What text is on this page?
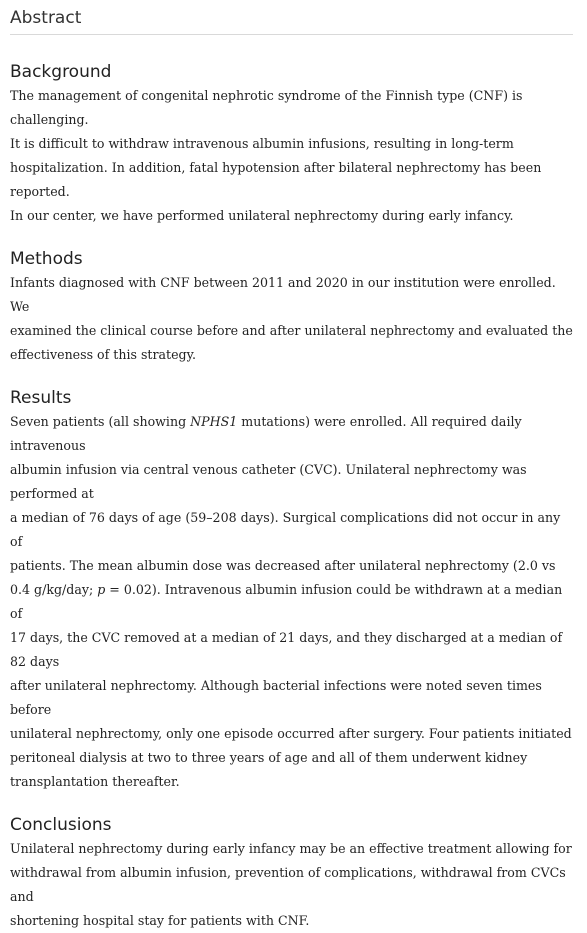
Abstract
Background

The management of congenital nephrotic syndrome of the Finnish type (CNF) is challenging.
It is difficult to withdraw intravenous albumin infusions, resulting in long-term
hospitalization. In addition, fatal hypotension after bilateral nephrectomy has been reported.
In our center, we have performed unilateral nephrectomy during early infancy.

Methods

Infants diagnosed with CNF between 2011 and 2020 in our institution were enrolled. We
examined the clinical course before and after unilateral nephrectomy and evaluated the
effectiveness of this strategy.

Results

Seven patients (all showing NPHS1 mutations) were enrolled. All required daily intravenous
albumin infusion via central venous catheter (CVC). Unilateral nephrectomy was performed at
a median of 76 days of age (59–208 days). Surgical complications did not occur in any of
patients. The mean albumin dose was decreased after unilateral nephrectomy (2.0 vs
0.4 g/kg/day; p = 0.02). Intravenous albumin infusion could be withdrawn at a median of
17 days, the CVC removed at a median of 21 days, and they discharged at a median of 82 days
after unilateral nephrectomy. Although bacterial infections were noted seven times before
unilateral nephrectomy, only one episode occurred after surgery. Four patients initiated
peritoneal dialysis at two to three years of age and all of them underwent kidney
transplantation thereafter.

Conclusions

Unilateral nephrectomy during early infancy may be an effective treatment allowing for
withdrawal from albumin infusion, prevention of complications, withdrawal from CVCs and
shortening hospital stay for patients with CNF.
